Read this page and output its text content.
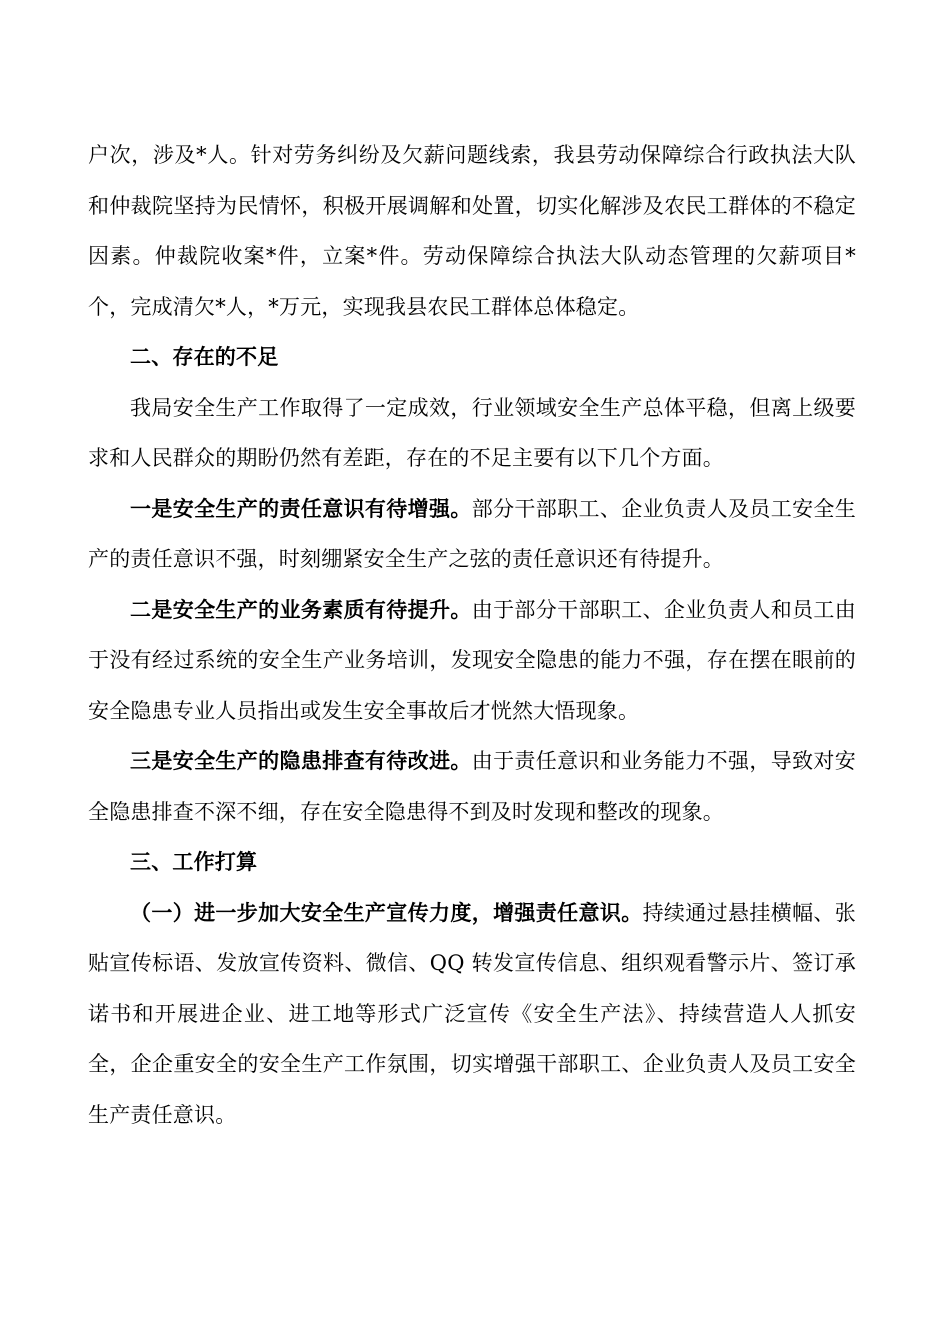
户次，涉及*人。针对劳务纠纷及欠薪问题线索，我县劳动保障综合行政执法大队和仲裁院坚持为民情怀，积极开展调解和处置，切实化解涉及农民工群体的不稳定因素。仲裁院收案*件，立案*件。劳动保障综合执法大队动态管理的欠薪项目*个，完成清欠*人，*万元，实现我县农民工群体总体稳定。

二、存在的不足

我局安全生产工作取得了一定成效，行业领域安全生产总体平稳，但离上级要求和人民群众的期盼仍然有差距，存在的不足主要有以下几个方面。

一是安全生产的责任意识有待增强。部分干部职工、企业负责人及员工安全生产的责任意识不强，时刻绷紧安全生产之弦的责任意识还有待提升。

二是安全生产的业务素质有待提升。由于部分干部职工、企业负责人和员工由于没有经过系统的安全生产业务培训，发现安全隐患的能力不强，存在摆在眼前的安全隐患专业人员指出或发生安全事故后才恍然大悟现象。

三是安全生产的隐患排查有待改进。由于责任意识和业务能力不强，导致对安全隐患排查不深不细，存在安全隐患得不到及时发现和整改的现象。

三、工作打算

（一）进一步加大安全生产宣传力度，增强责任意识。持续通过悬挂横幅、张贴宣传标语、发放宣传资料、微信、QQ 转发宣传信息、组织观看警示片、签订承诺书和开展进企业、进工地等形式广泛宣传《安全生产法》、持续营造人人抓安全，企企重安全的安全生产工作氛围，切实增强干部职工、企业负责人及员工安全生产责任意识。
